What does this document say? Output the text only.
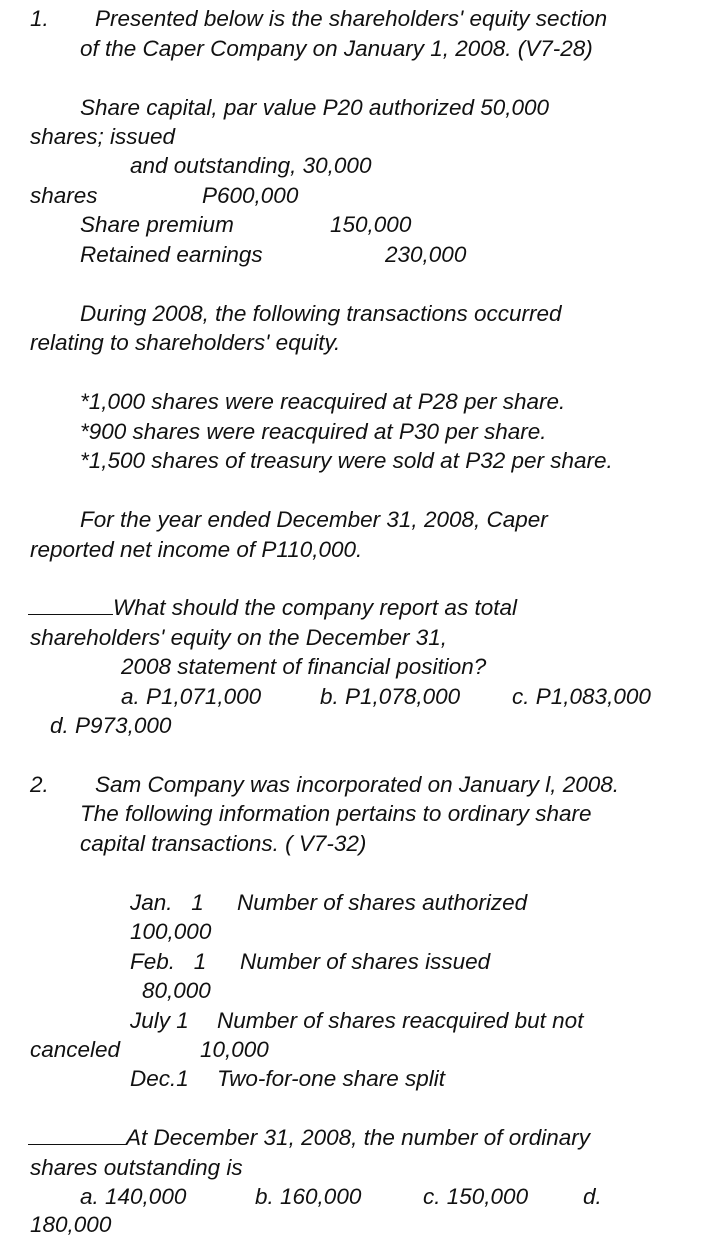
1. Presented below is the shareholders' equity section
of the Caper Company on January 1, 2008. (V7-28)
Share capital, par value P20 authorized 50,000
shares; issued
and outstanding, 30,000
shares	P600,000
Share premium	150,000
Retained earnings	230,000
During 2008, the following transactions occurred
relating to shareholders' equity.
*1,000 shares were reacquired at P28 per share.
*900 shares were reacquired at P30 per share.
*1,500 shares of treasury were sold at P32 per share.
For the year ended December 31, 2008, Caper
reported net income of P110,000.
What should the company report as total
shareholders' equity on the December 31,
2008 statement of financial position?
a. P1,071,000	b. P1,078,000 c. P1,083,000
d. P973,000
2. Sam Company was incorporated on January l, 2008.
The following information pertains to ordinary share
capital transactions. ( V7-32)
Jan.   1 Number of shares authorized
100,000
Feb.   1 Number of shares issued
80,000
July 1 Number of shares reacquired but not
canceled	10,000
Dec.1 Two-for-one share split
At December 31, 2008, the number of ordinary
shares outstanding is
a. 140,000	b. 160,000	c. 150,000 d.
180,000
